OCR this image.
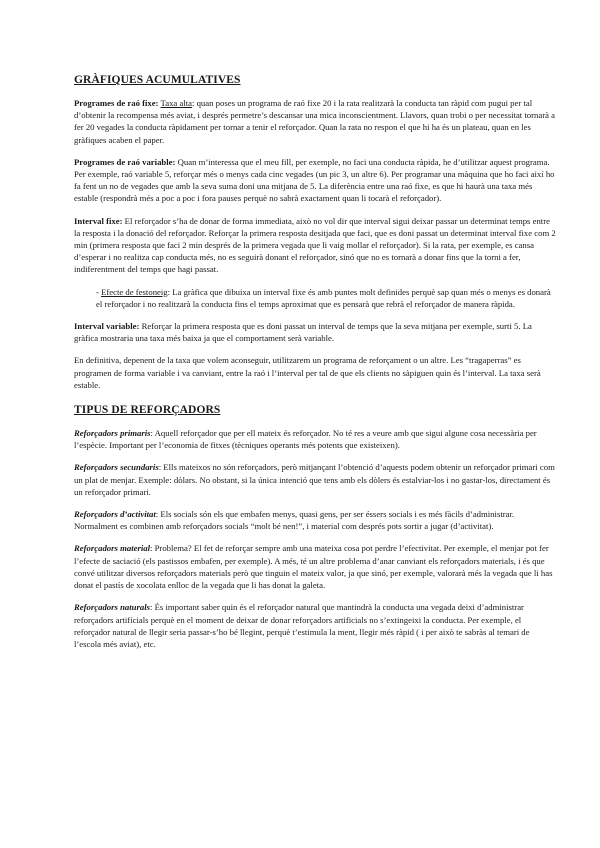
GRÀFIQUES ACUMULATIVES

Programes de raó fixe: Taxa alta: quan poses un programa de raó fixe 20 i la rata realitzarà la conducta tan ràpid com pugui per tal d’obtenir la recompensa més aviat, i després permetre’s descansar una mica inconscientment. Llavors, quan trobi o per necessitat tornarà a fer 20 vegades la conducta ràpidament per tornar a tenir el reforçador. Quan la rata no respon el que hi ha és un plateau, quan en les gràfiques acaben el paper.

Programes de raó variable: Quan m’interessa que el meu fill, per exemple, no faci una conducta ràpida, he d’utilitzar aquest programa. Per exemple, raó variable 5, reforçar més o menys cada cinc vegades (un pic 3, un altre 6). Per programar una màquina que ho faci així ho fa fent un no de vegades que amb la seva suma doni una mitjana de 5. La diferència entre una raó fixe, es que hi haurà una taxa més estable (respondrà més a poc a poc i fora pauses perquè no sabrà exactament quan li tocarà el reforçador).

Interval fixe: El reforçador s’ha de donar de forma immediata, això no vol dir que interval sigui deixar passar un determinat temps entre la resposta i la donació del reforçador. Reforçar la primera resposta desitjada que faci, que es doni passat un determinat interval fixe com 2 min (primera resposta que faci 2 min després de la primera vegada que li vaig mollar el reforçador). Si la rata, per exemple, es cansa d’esperar i no realitza cap conducta més, no es seguirà donant el reforçador, sinó que no es tornarà a donar fins que la torni a fer, indiferentment del temps que hagi passat.

- Efecte de festoneig: La gràfica que dibuixa un interval fixe és amb puntes molt definides perquè sap quan més o menys es donarà el reforçador i no realitzarà la conducta fins el temps aproximat que es pensarà que rebrà el reforçador de manera ràpida.

Interval variable: Reforçar la primera resposta que es doni passat un interval de temps que la seva mitjana per exemple, surti 5. La gràfica mostraria una taxa més baixa ja que el comportament serà variable.

En definitiva, depenent de la taxa que volem aconseguir, utilitzarem un programa de reforçament o un altre. Les “tragaperras” es programen de forma variable i va canviant, entre la raó i l’interval per tal de que els clients no sàpiguen quin és l’interval. La taxa serà estable.

TIPUS DE REFORÇADORS

Reforçadors primaris: Aquell reforçador que per ell mateix és reforçador. No té res a veure amb que sigui algune cosa necessària per l’espècie. Important per l’economia de fitxes (tècniques operants més potents que existeixen).

Reforçadors secundaris: Ells mateixos no són reforçadors, però mitjançant l’obtenció d’aquests podem obtenir un reforçador primari com un plat de menjar. Exemple: dòlars. No obstant, si la única intenció que tens amb els dòlers és estalviar-los i no gastar-los, directament és un reforçador primari.

Reforçadors d’activitat: Els socials són els que embafen menys, quasi gens, per ser éssers socials i es més fàcils d’administrar. Normalment es combinen amb reforçadors socials “molt bé nen!”, i material com després pots sortir a jugar (d’activitat).

Reforçadors material: Problema? El fet de reforçar sempre amb una mateixa cosa pot perdre l’efectivitat. Per exemple, el menjar pot fer l’efecte de saciació (els pastissos embafen, per exemple). A més, té un altre problema d’anar canviant els reforçadors materials, i és que convé utilitzar diversos reforçadors materials però que tinguin el mateix valor, ja que sinó, per exemple, valorarà més la vegada que li has donat el pastís de xocolata enlloc de la vegada que li has donat la galeta.

Reforçadors naturals: És important saber quin és el reforçador natural que mantindrà la conducta una vegada deixi d’administrar reforçadors artificials perquè en el moment de deixar de donar reforçadors artificials no s’extingeixi la conducta. Per exemple, el reforçador natural de llegir seria passar-s’ho bé llegint, perquè t’estimula la ment, llegir més ràpid ( i per això te sabràs al temari de l’escola més aviat), etc.
